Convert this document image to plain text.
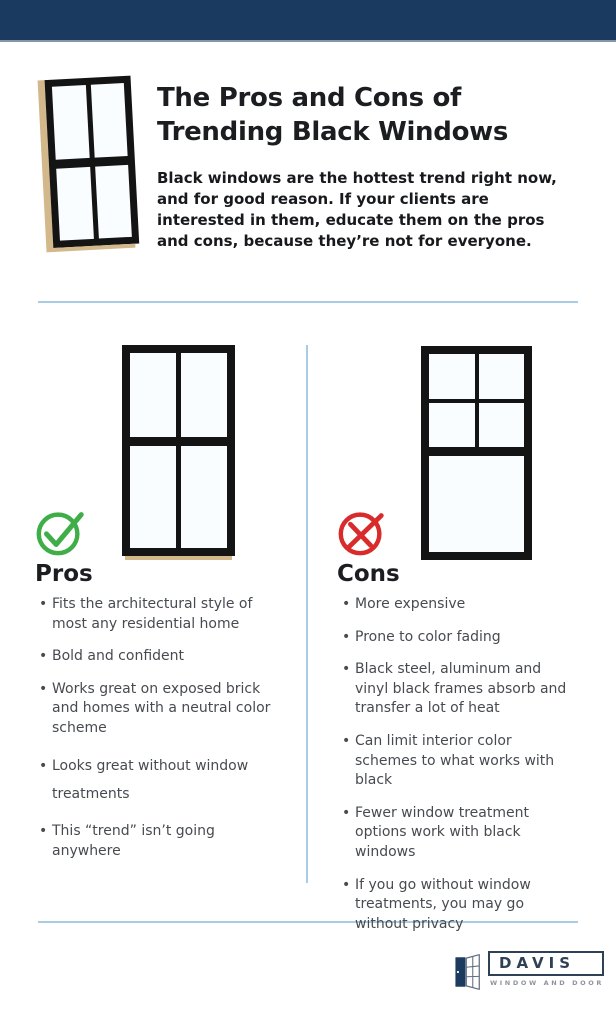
The Pros and Cons of Trending Black Windows

Black windows are the hottest trend right now, and for good reason. If your clients are interested in them, educate them on the pros and cons, because they’re not for everyone.

Pros	Cons
• Fits the architectural style of most any residential home
• Bold and confident
• Works great on exposed brick and homes with a neutral color scheme
• Looks great without window treatments
• This “trend” isn’t going anywhere
• More expensive
• Prone to color fading
• Black steel, aluminum and vinyl black frames absorb and transfer a lot of heat
• Can limit interior color schemes to what works with black
• Fewer window treatment options work with black windows
• If you go without window treatments, you may go without privacy
DAVIS
WINDOW AND DOOR
